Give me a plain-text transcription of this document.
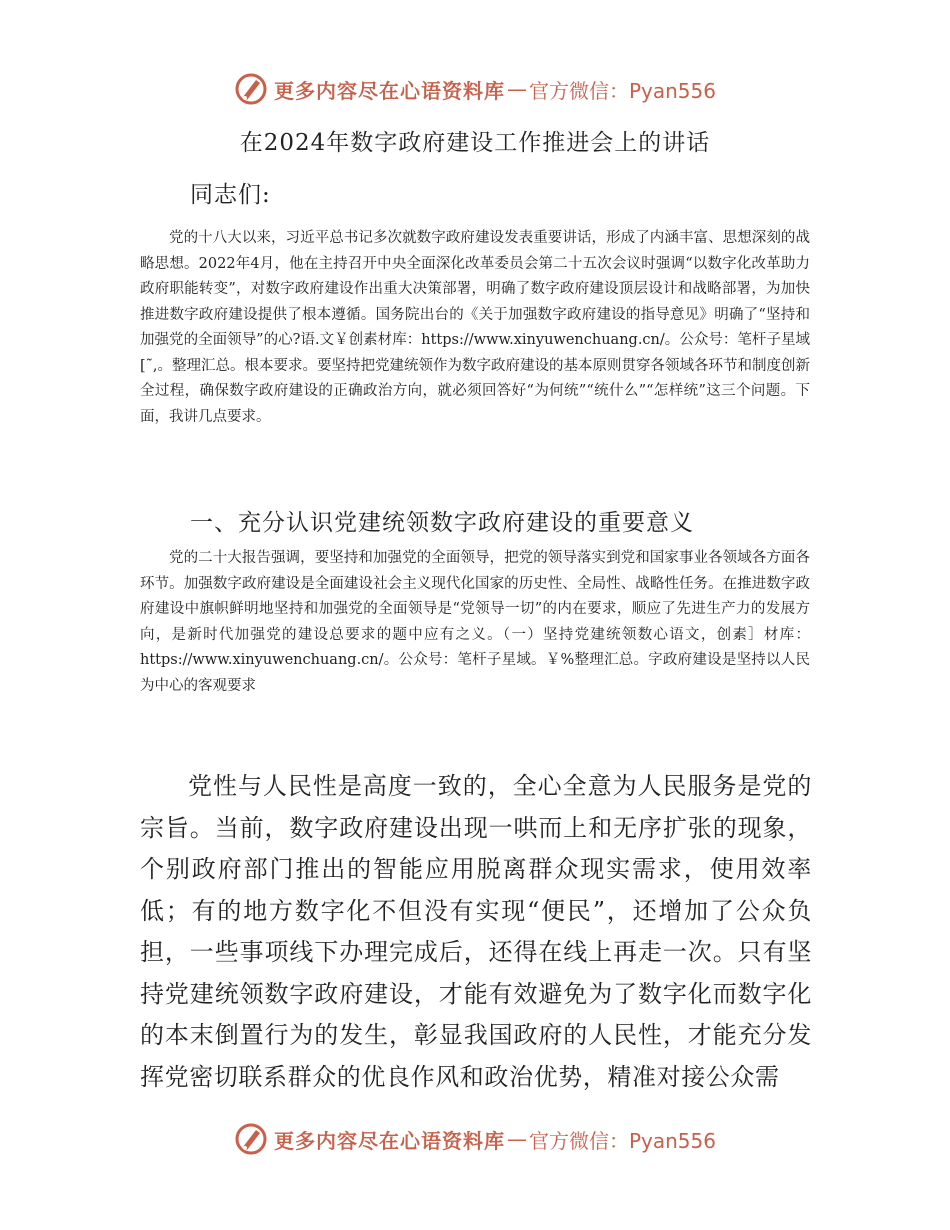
更多内容尽在心语资料库 — 官方微信：Pyan556
在2024年数字政府建设工作推进会上的讲话
同志们:

党的十八大以来，习近平总书记多次就数字政府建设发表重要讲话，形成了内涵丰富、思想深刻的战略思想。2022年4月，他在主持召开中央全面深化改革委员会第二十五次会议时强调“以数字化改革助力政府职能转变”，对数字政府建设作出重大决策部署，明确了数字政府建设顶层设计和战略部署，为加快推进数字政府建设提供了根本遵循。国务院出台的《关于加强数字政府建设的指导意见》明确了“坚持和加强党的全面领导”的心?语.文￥创素材库：https://www.xinyuwenchuang.cn/。公众号：笔杆子星域[˜,。整理汇总。根本要求。要坚持把党建统领作为数字政府建设的基本原则贯穿各领域各环节和制度创新全过程，确保数字政府建设的正确政治方向，就必须回答好“为何统”“统什么”“怎样统”这三个问题。下面，我讲几点要求。

一、充分认识党建统领数字政府建设的重要意义

党的二十大报告强调，要坚持和加强党的全面领导，把党的领导落实到党和国家事业各领域各方面各环节。加强数字政府建设是全面建设社会主义现代化国家的历史性、全局性、战略性任务。在推进数字政府建设中旗帜鲜明地坚持和加强党的全面领导是“党领导一切”的内在要求，顺应了先进生产力的发展方向，是新时代加强党的建设总要求的题中应有之义。（一）坚持党建统领数心语文，创素］材库：https://www.xinyuwenchuang.cn/。公众号：笔杆子星域。￥%整理汇总。字政府建设是坚持以人民为中心的客观要求

党性与人民性是高度一致的，全心全意为人民服务是党的宗旨。当前，数字政府建设出现一哄而上和无序扩张的现象，个别政府部门推出的智能应用脱离群众现实需求，使用效率低；有的地方数字化不但没有实现“便民”，还增加了公众负担，一些事项线下办理完成后，还得在线上再走一次。只有坚持党建统领数字政府建设，才能有效避免为了数字化而数字化的本末倒置行为的发生，彰显我国政府的人民性，才能充分发挥党密切联系群众的优良作风和政治优势，精准对接公众需

更多内容尽在心语资料库 — 官方微信：Pyan556
